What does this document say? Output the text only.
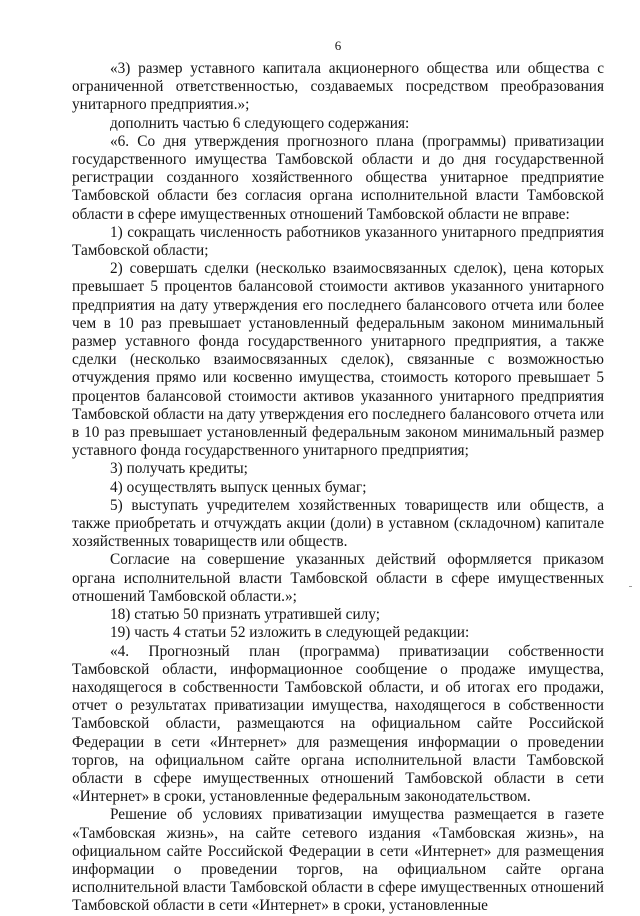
6

«3) размер уставного капитала акционерного общества или общества с ограниченной ответственностью, создаваемых посредством преобразования унитарного предприятия.»;

дополнить частью 6 следующего содержания:

«6. Со дня утверждения прогнозного плана (программы) приватизации государственного имущества Тамбовской области и до дня государственной регистрации созданного хозяйственного общества унитарное предприятие Тамбовской области без согласия органа исполнительной власти Тамбовской области в сфере имущественных отношений Тамбовской области не вправе:

1) сокращать численность работников указанного унитарного предприятия Тамбовской области;

2) совершать сделки (несколько взаимосвязанных сделок), цена которых превышает 5 процентов балансовой стоимости активов указанного унитарного предприятия на дату утверждения его последнего балансового отчета или более чем в 10 раз превышает установленный федеральным законом минимальный размер уставного фонда государственного унитарного предприятия, а также сделки (несколько взаимосвязанных сделок), связанные с возможностью отчуждения прямо или косвенно имущества, стоимость которого превышает 5 процентов балансовой стоимости активов указанного унитарного предприятия Тамбовской области на дату утверждения его последнего балансового отчета или в 10 раз превышает установленный федеральным законом минимальный размер уставного фонда государственного унитарного предприятия;

3) получать кредиты;

4) осуществлять выпуск ценных бумаг;

5) выступать учредителем хозяйственных товариществ или обществ, а также приобретать и отчуждать акции (доли) в уставном (складочном) капитале хозяйственных товариществ или обществ.

Согласие на совершение указанных действий оформляется приказом органа исполнительной власти Тамбовской области в сфере имущественных отношений Тамбовской области.»;

18) статью 50 признать утратившей силу;

19) часть 4 статьи 52 изложить в следующей редакции:

«4. Прогнозный план (программа) приватизации собственности Тамбовской области, информационное сообщение о продаже имущества, находящегося в собственности Тамбовской области, и об итогах его продажи, отчет о результатах приватизации имущества, находящегося в собственности Тамбовской области, размещаются на официальном сайте Российской Федерации в сети «Интернет» для размещения информации о проведении торгов, на официальном сайте органа исполнительной власти Тамбовской области в сфере имущественных отношений Тамбовской области в сети «Интернет» в сроки, установленные федеральным законодательством.

Решение об условиях приватизации имущества размещается в газете «Тамбовская жизнь», на сайте сетевого издания «Тамбовская жизнь», на официальном сайте Российской Федерации в сети «Интернет» для размещения информации о проведении торгов, на официальном сайте органа исполнительной власти Тамбовской области в сфере имущественных отношений Тамбовской области в сети «Интернет» в сроки, установленные
